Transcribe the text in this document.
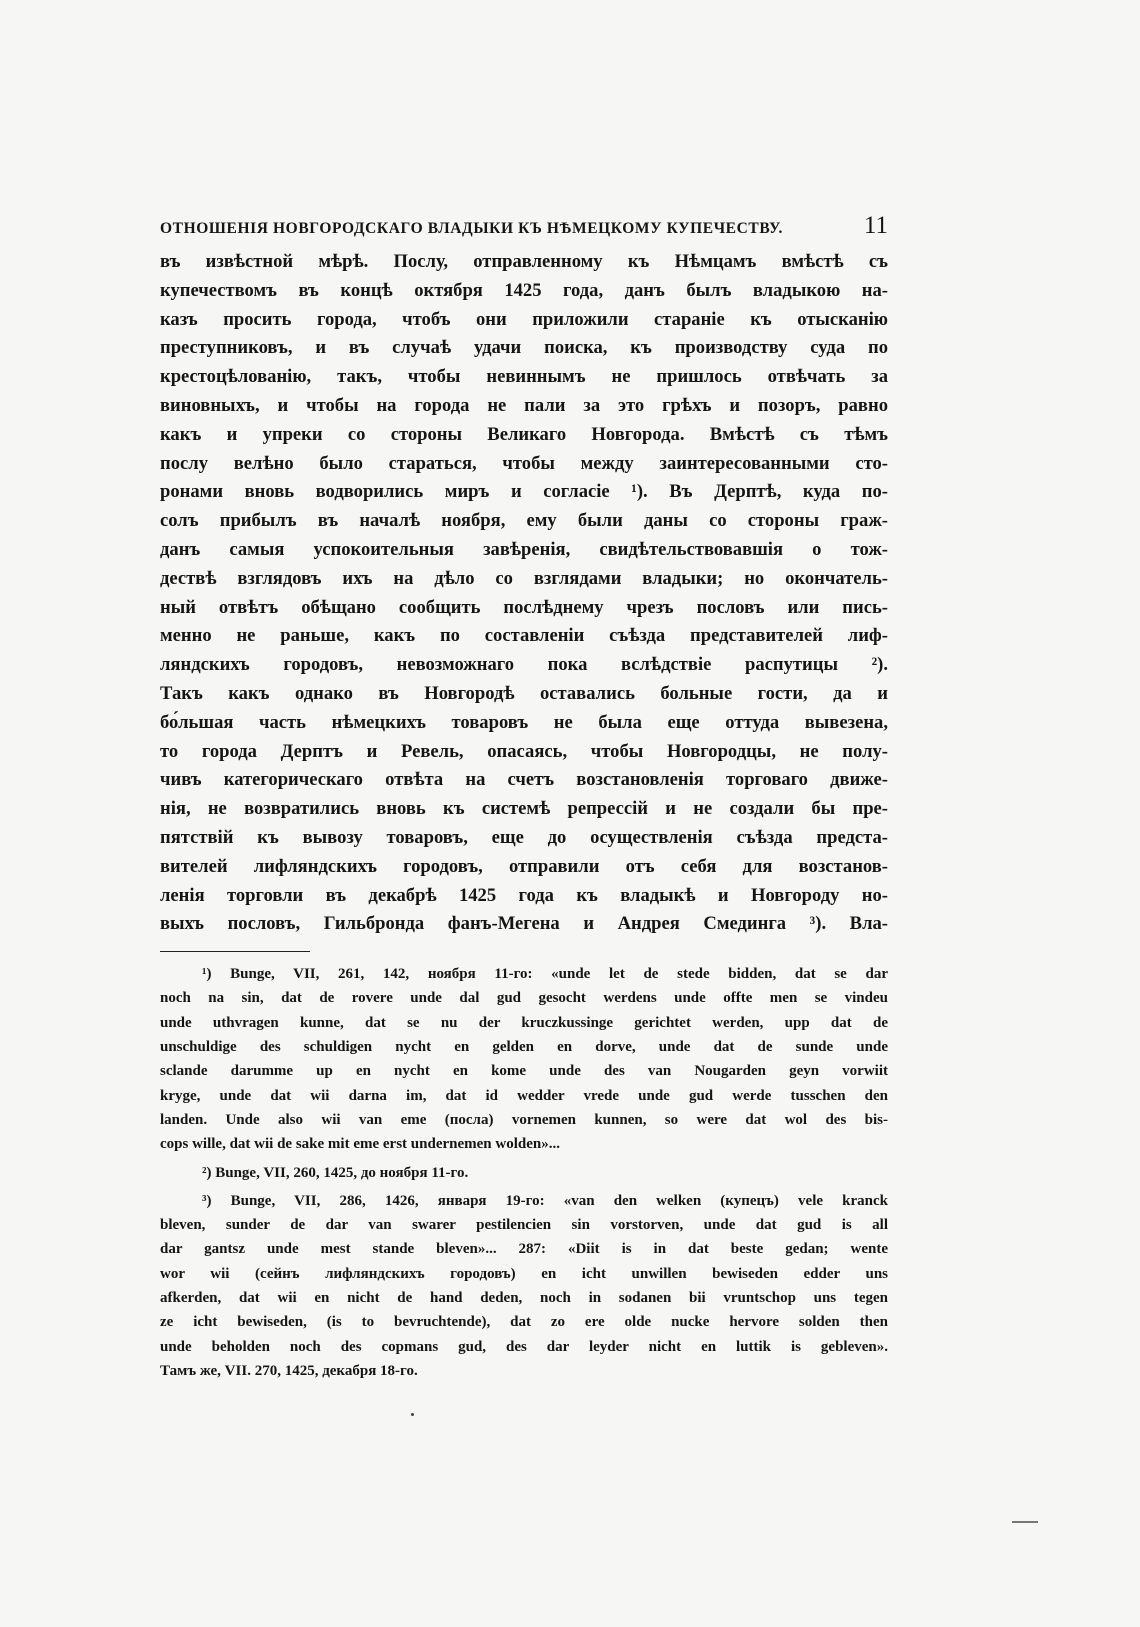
ОТНОШЕНІЯ НОВГОРОДСКАГО ВЛАДЫКИ КЪ НѢМЕЦКОМУ КУПЕЧЕСТВУ.	11
въ извѣстной мѣрѣ. Послу, отправленному къ Нѣмцамъ вмѣстѣ съ
купечествомъ въ концѣ октября 1425 года, данъ былъ владыкою на-
казъ просить города, чтобъ они приложили стараніе къ отысканію
преступниковъ, и въ случаѣ удачи поиска, къ производству суда по
крестоцѣлованію, такъ, чтобы невиннымъ не пришлось отвѣчать за
виновныхъ, и чтобы на города не пали за это грѣхъ и позоръ, равно
какъ и упреки со стороны Великаго Новгорода. Вмѣстѣ съ тѣмъ
послу велѣно было стараться, чтобы между заинтересованными сто-
ронами вновь водворились миръ и согласіе ¹). Въ Дерптѣ, куда по-
солъ прибылъ въ началѣ ноября, ему были даны со стороны граж-
данъ самыя успокоительныя завѣренія, свидѣтельствовавшія о тож-
дествѣ взглядовъ ихъ на дѣло со взглядами владыки; но окончатель-
ный отвѣтъ обѣщано сообщить послѣднему чрезъ пословъ или пись-
менно не раньше, какъ по составленіи съѣзда представителей лиф-
ляндскихъ городовъ, невозможнаго пока вслѣдствіе распутицы ²).
Такъ какъ однако въ Новгородѣ оставались больные гости, да и
бо́льшая часть нѣмецкихъ товаровъ не была еще оттуда вывезена,
то города Дерптъ и Ревель, опасаясь, чтобы Новгородцы, не полу-
чивъ категорическаго отвѣта на счетъ возстановленія торговаго движе-
нія, не возвратились вновь къ системѣ репрессій и не создали бы пре-
пятствій къ вывозу товаровъ, еще до осуществленія съѣзда предста-
вителей лифляндскихъ городовъ, отправили отъ себя для возстанов-
ленія торговли въ декабрѣ 1425 года къ владыкѣ и Новгороду но-
выхъ пословъ, Гильбронда фанъ-Мегена и Андрея Смединга ³). Вла-
¹) Bunge, VII, 261, 142, ноября 11-го: «unde let de stede bidden, dat se dar
noch na sin, dat de rovere unde dal gud gesocht werdens unde offte men se vindeu
unde uthvragen kunne, dat se nu der kruczkussinge gerichtet werden, upp dat de
unschuldige des schuldigen nycht en gelden en dorve, unde dat de sunde unde
sclande darumme up en nycht en kome unde des van Nougarden geyn vorwiit
kryge, unde dat wii darna im, dat id wedder vrede unde gud werde tusschen den
landen. Unde also wii van eme (посла) vornemen kunnen, so were dat wol des bis-
cops wille, dat wii de sake mit eme erst undernemen wolden»...
²) Bunge, VII, 260, 1425, до ноября 11-го.
³) Bunge, VII, 286, 1426, января 19-го: «van den welken (купецъ) vele kranck
bleven, sunder de dar van swarer pestilencien sin vorstorven, unde dat gud is all
dar gantsz unde mest stande bleven»... 287: «Diit is in dat beste gedan; wente
wor wii (сейнъ лифляндскихъ городовъ) en icht unwillen bewiseden edder uns
afkerden, dat wii en nicht de hand deden, noch in sodanen bii vruntschop uns tegen
ze icht bewiseden, (is to bevruchtende), dat zo ere olde nucke hervore solden then
unde beholden noch des copmans gud, des dar leyder nicht en luttik is gebleven».
Тамъ же, VII. 270, 1425, декабря 18-го.
